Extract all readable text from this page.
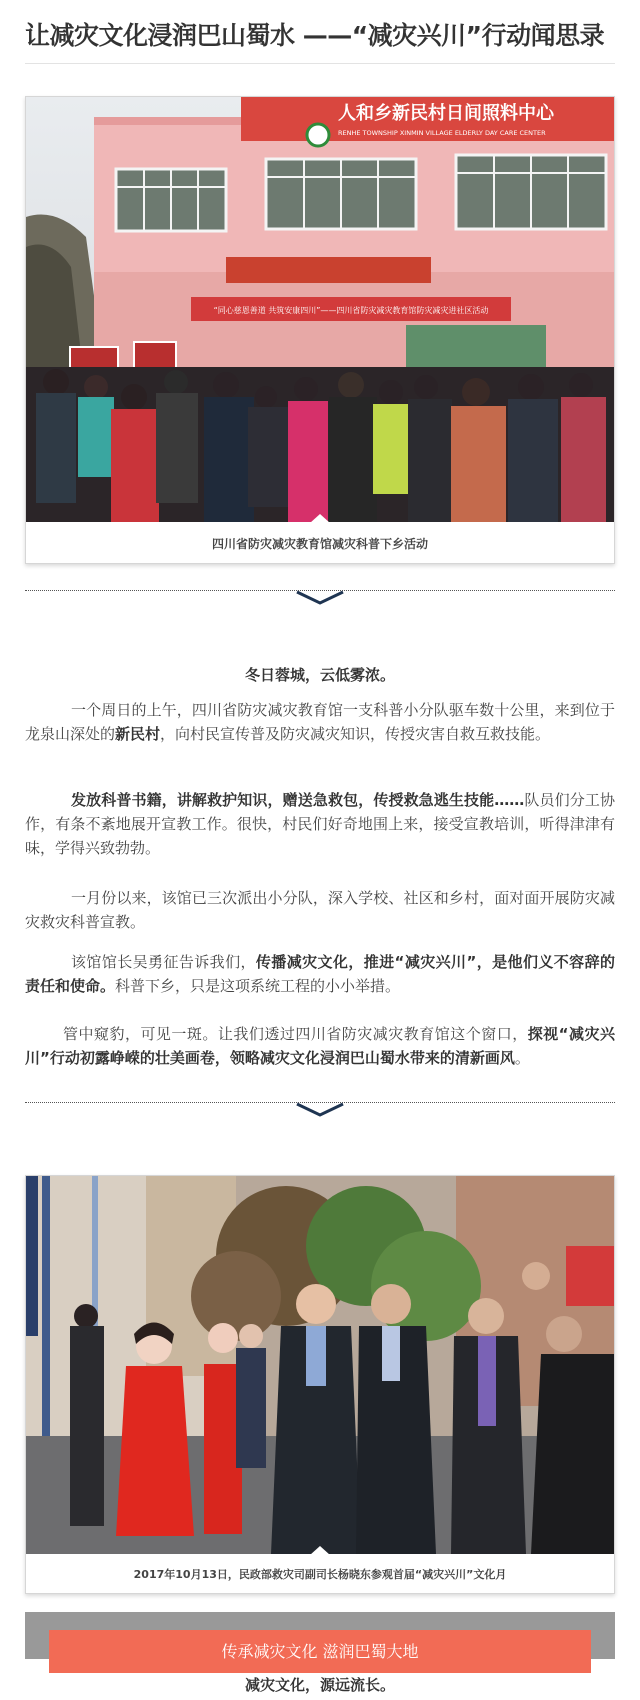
让减灾文化浸润巴山蜀水 ——“减灾兴川”行动闻思录
人和乡新民村日间照料中心
RENHE TOWNSHIP XINMIN VILLAGE ELDERLY DAY CARE CENTER
“同心慈恩善道 共筑安康四川”——四川省防灾减灾教育馆防灾减灾进社区活动
四川省防灾减灾教育馆减灾科普下乡活动

冬日蓉城，云低雾浓。

一个周日的上午，四川省防灾减灾教育馆一支科普小分队驱车数十公里，来到位于龙泉山深处的新民村，向村民宣传普及防灾减灾知识，传授灾害自救互救技能。

发放科普书籍，讲解救护知识，赠送急救包，传授救急逃生技能……队员们分工协作，有条不紊地展开宣教工作。很快，村民们好奇地围上来，接受宣教培训，听得津津有味，学得兴致勃勃。

一月份以来，该馆已三次派出小分队，深入学校、社区和乡村，面对面开展防灾减灾救灾科普宣教。

该馆馆长吴勇征告诉我们，传播减灾文化，推进“减灾兴川”，是他们义不容辞的责任和使命。科普下乡，只是这项系统工程的小小举措。

管中窥豹，可见一斑。让我们透过四川省防灾减灾教育馆这个窗口，探视“减灾兴川”行动初露峥嵘的壮美画卷，领略减灾文化浸润巴山蜀水带来的清新画风。

2017年10月13日，民政部救灾司副司长杨晓东参观首届“减灾兴川”文化月
传承减灾文化 滋润巴蜀大地

减灾文化，源远流长。
